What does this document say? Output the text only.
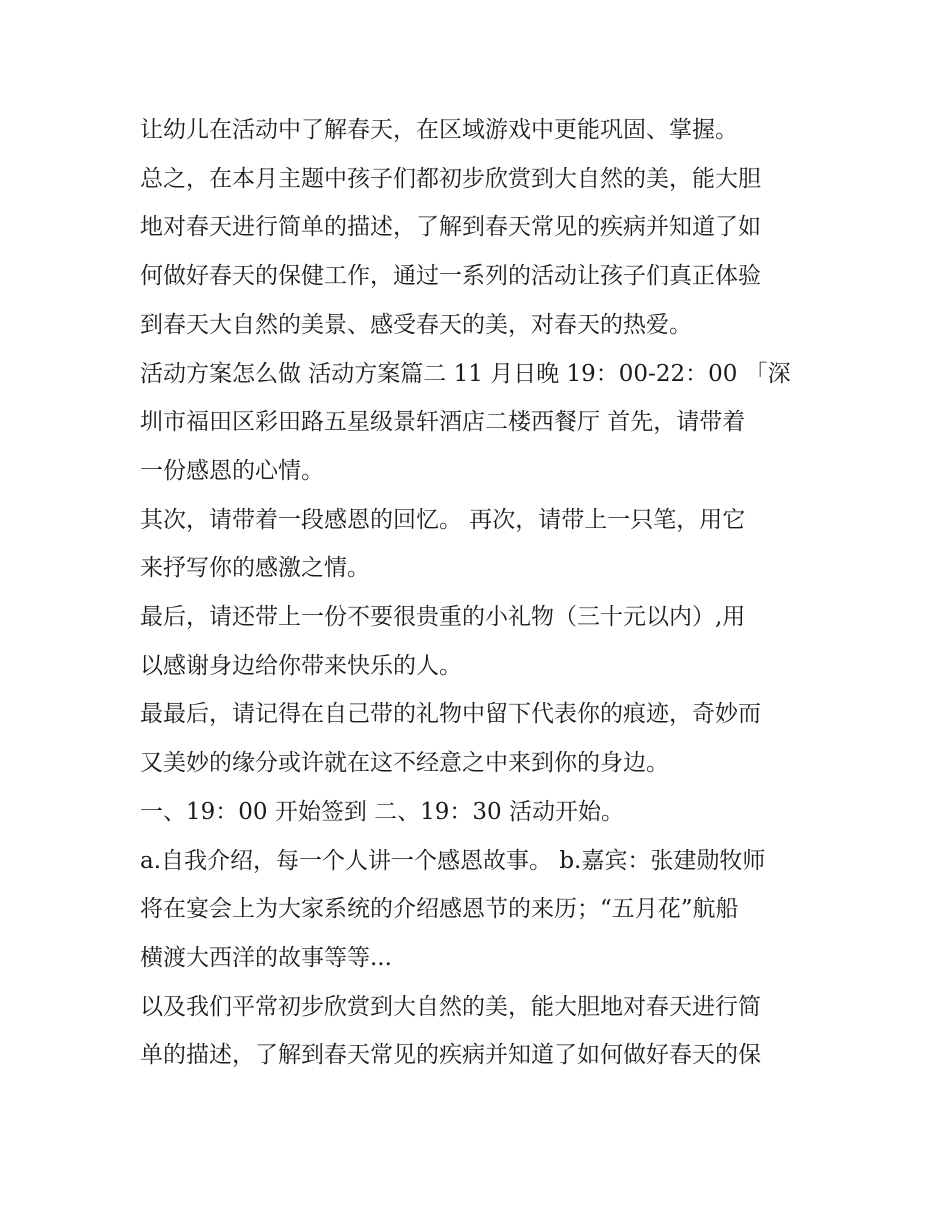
让幼儿在活动中了解春天，在区域游戏中更能巩固、掌握。

总之，在本月主题中孩子们都初步欣赏到大自然的美，能大胆
地对春天进行简单的描述，了解到春天常见的疾病并知道了如
何做好春天的保健工作，通过一系列的活动让孩子们真正体验
到春天大自然的美景、感受春天的美，对春天的热爱。

活动方案怎么做 活动方案篇二 11 月日晚 19：00-22：00 「深
圳市福田区彩田路五星级景轩酒店二楼西餐厅 首先，请带着
一份感恩的心情。

其次，请带着一段感恩的回忆。 再次，请带上一只笔，用它
来抒写你的感激之情。

最后，请还带上一份不要很贵重的小礼物（三十元以内）,用
以感谢身边给你带来快乐的人。

最最后，请记得在自己带的礼物中留下代表你的痕迹，奇妙而
又美妙的缘分或许就在这不经意之中来到你的身边。

一、19：00 开始签到 二、19：30 活动开始。

a.自我介绍，每一个人讲一个感恩故事。 b.嘉宾：张建勋牧师
将在宴会上为大家系统的介绍感恩节的来历；“五月花”航船
横渡大西洋的故事等等...

以及我们平常初步欣赏到大自然的美，能大胆地对春天进行简
单的描述，了解到春天常见的疾病并知道了如何做好春天的保
